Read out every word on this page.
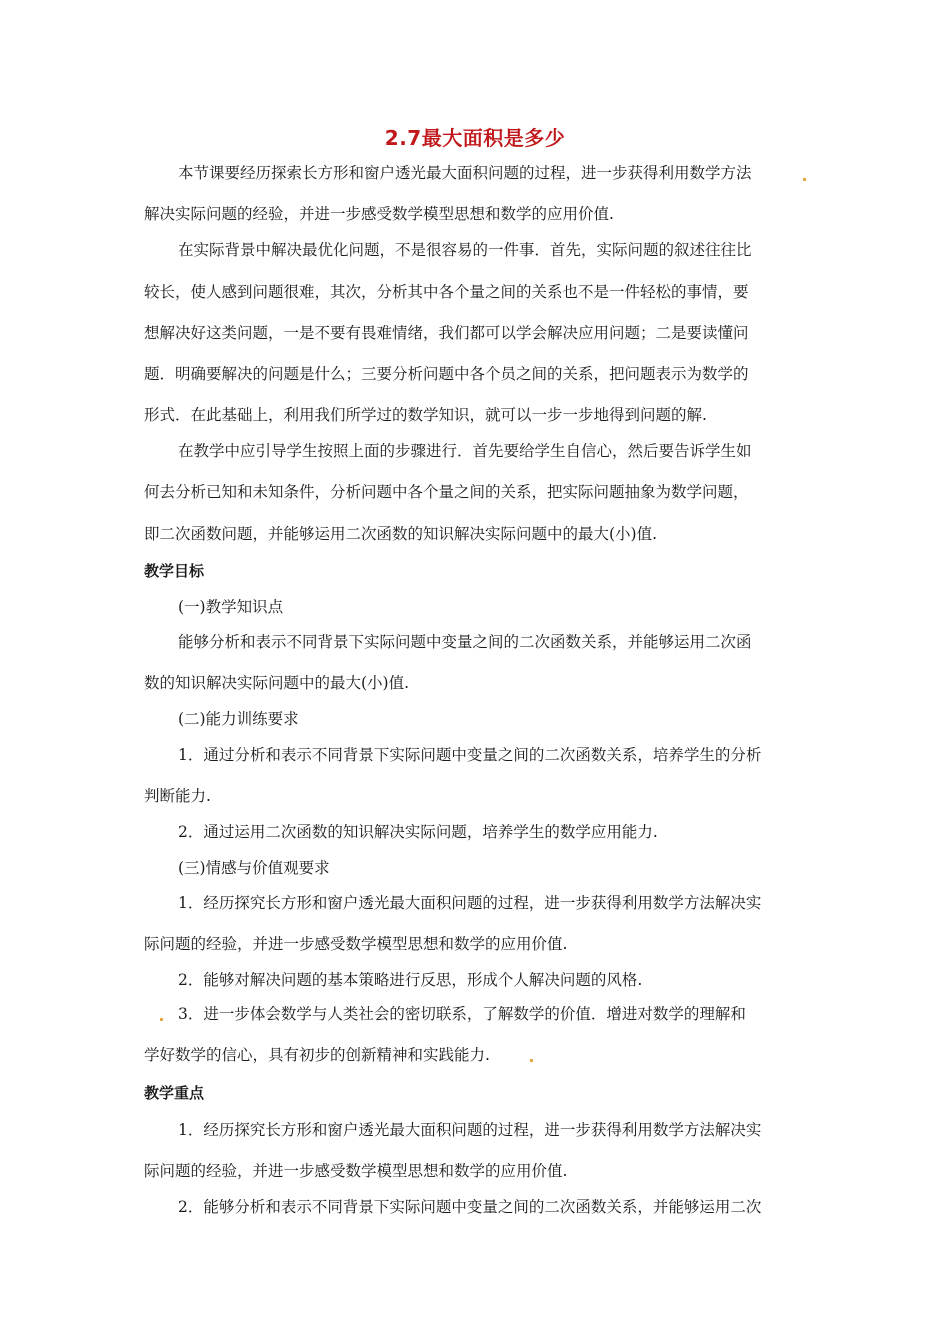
2.7最大面积是多少
本节课要经历探索长方形和窗户透光最大面积问题的过程，进一步获得利用数学方法
解决实际问题的经验，并进一步感受数学模型思想和数学的应用价值.
在实际背景中解决最优化问题，不是很容易的一件事．首先，实际问题的叙述往往比
较长，使人感到问题很难，其次，分析其中各个量之间的关系也不是一件轻松的事情，要
想解决好这类问题，一是不要有畏难情绪，我们都可以学会解决应用问题；二是要读懂问
题．明确要解决的问题是什么；三要分析问题中各个员之间的关系，把问题表示为数学的
形式．在此基础上，利用我们所学过的数学知识，就可以一步一步地得到问题的解.
在教学中应引导学生按照上面的步骤进行．首先要给学生自信心，然后要告诉学生如
何去分析已知和未知条件，分析问题中各个量之间的关系，把实际问题抽象为数学问题，
即二次函数问题，并能够运用二次函数的知识解决实际问题中的最大(小)值.
教学目标
(一)教学知识点
能够分析和表示不同背景下实际问题中变量之间的二次函数关系，并能够运用二次函
数的知识解决实际问题中的最大(小)值.
(二)能力训练要求
1．通过分析和表示不同背景下实际问题中变量之间的二次函数关系，培养学生的分析
判断能力.
2．通过运用二次函数的知识解决实际问题，培养学生的数学应用能力.
(三)情感与价值观要求
1．经历探究长方形和窗户透光最大面积问题的过程，进一步获得利用数学方法解决实
际问题的经验，并进一步感受数学模型思想和数学的应用价值.
2．能够对解决问题的基本策略进行反思，形成个人解决问题的风格.
3．进一步体会数学与人类社会的密切联系，了解数学的价值．增进对数学的理解和
学好数学的信心，具有初步的创新精神和实践能力.
教学重点
1．经历探究长方形和窗户透光最大面积问题的过程，进一步获得利用数学方法解决实
际问题的经验，并进一步感受数学模型思想和数学的应用价值.
2．能够分析和表示不同背景下实际问题中变量之间的二次函数关系，并能够运用二次
